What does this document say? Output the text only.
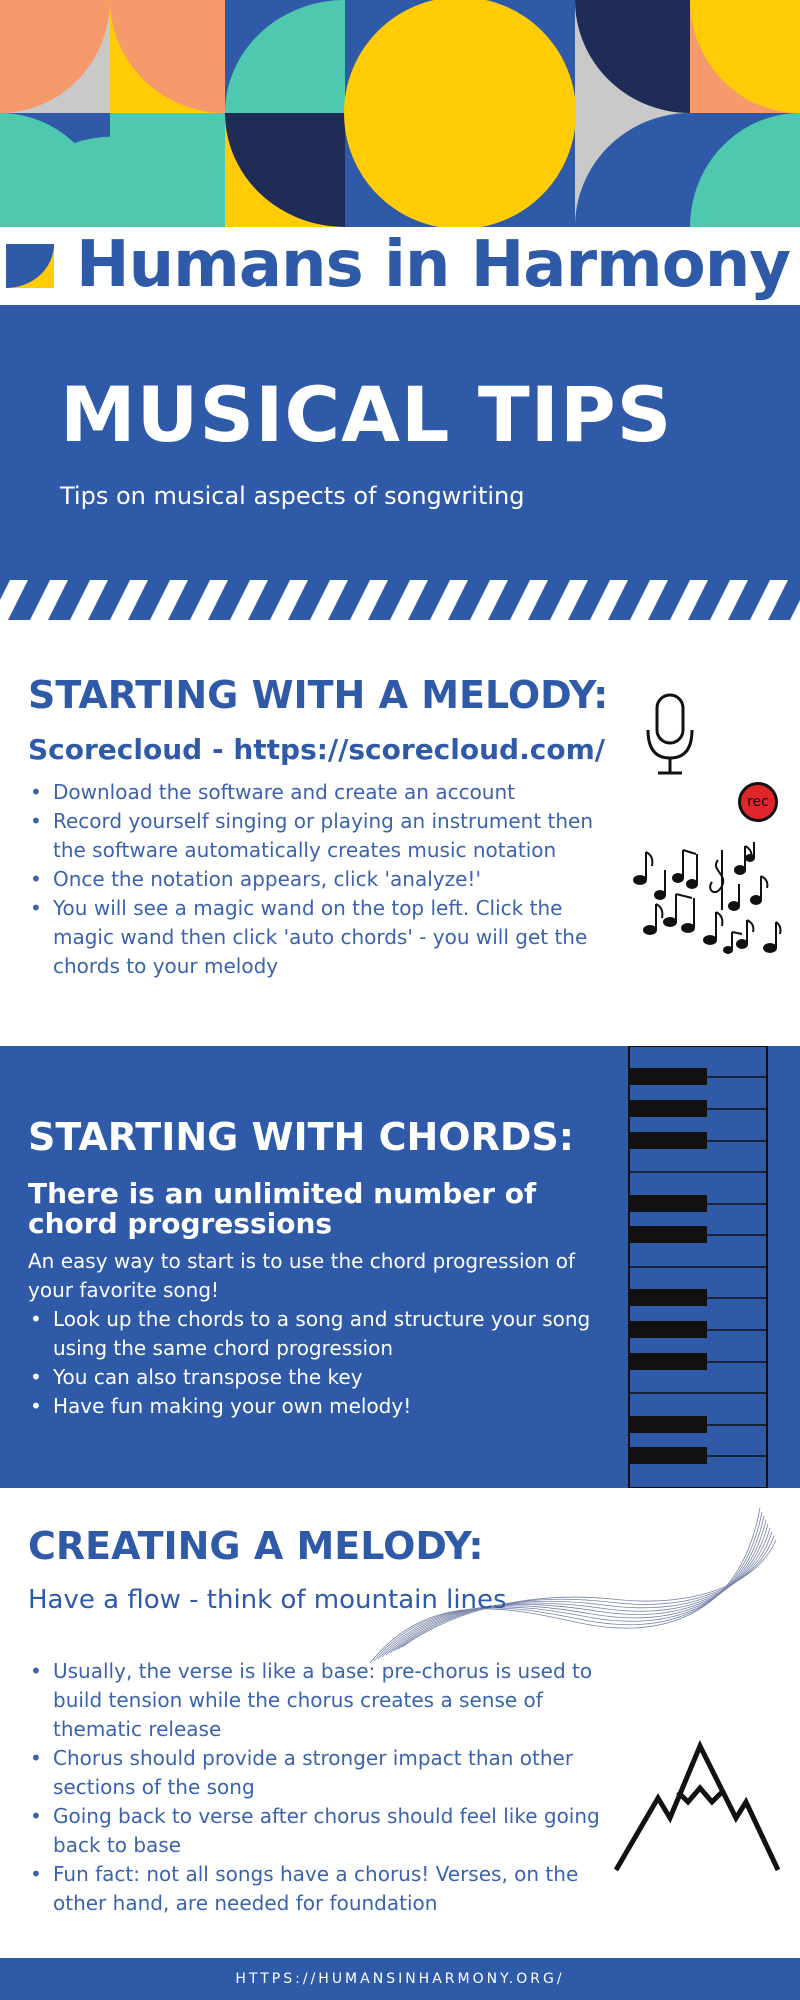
Humans in Harmony
MUSICAL TIPS
Tips on musical aspects of songwriting
STARTING WITH A MELODY:
Scorecloud - https://scorecloud.com/
• Download the software and create an account
• Record yourself singing or playing an instrument then the software automatically creates music notation
• Once the notation appears, click 'analyze!'
• You will see a magic wand on the top left. Click the magic wand then click 'auto chords' - you will get the chords to your melody
rec
STARTING WITH CHORDS:
There is an unlimited number of chord progressions
An easy way to start is to use the chord progression of your favorite song!
• Look up the chords to a song and structure your song using the same chord progression
• You can also transpose the key
• Have fun making your own melody!
CREATING A MELODY:
Have a flow - think of mountain lines
• Usually, the verse is like a base: pre-chorus is used to build tension while the chorus creates a sense of thematic release
• Chorus should provide a stronger impact than other sections of the song
• Going back to verse after chorus should feel like going back to base
• Fun fact: not all songs have a chorus! Verses, on the other hand, are needed for foundation
HTTPS://HUMANSINHARMONY.ORG/
